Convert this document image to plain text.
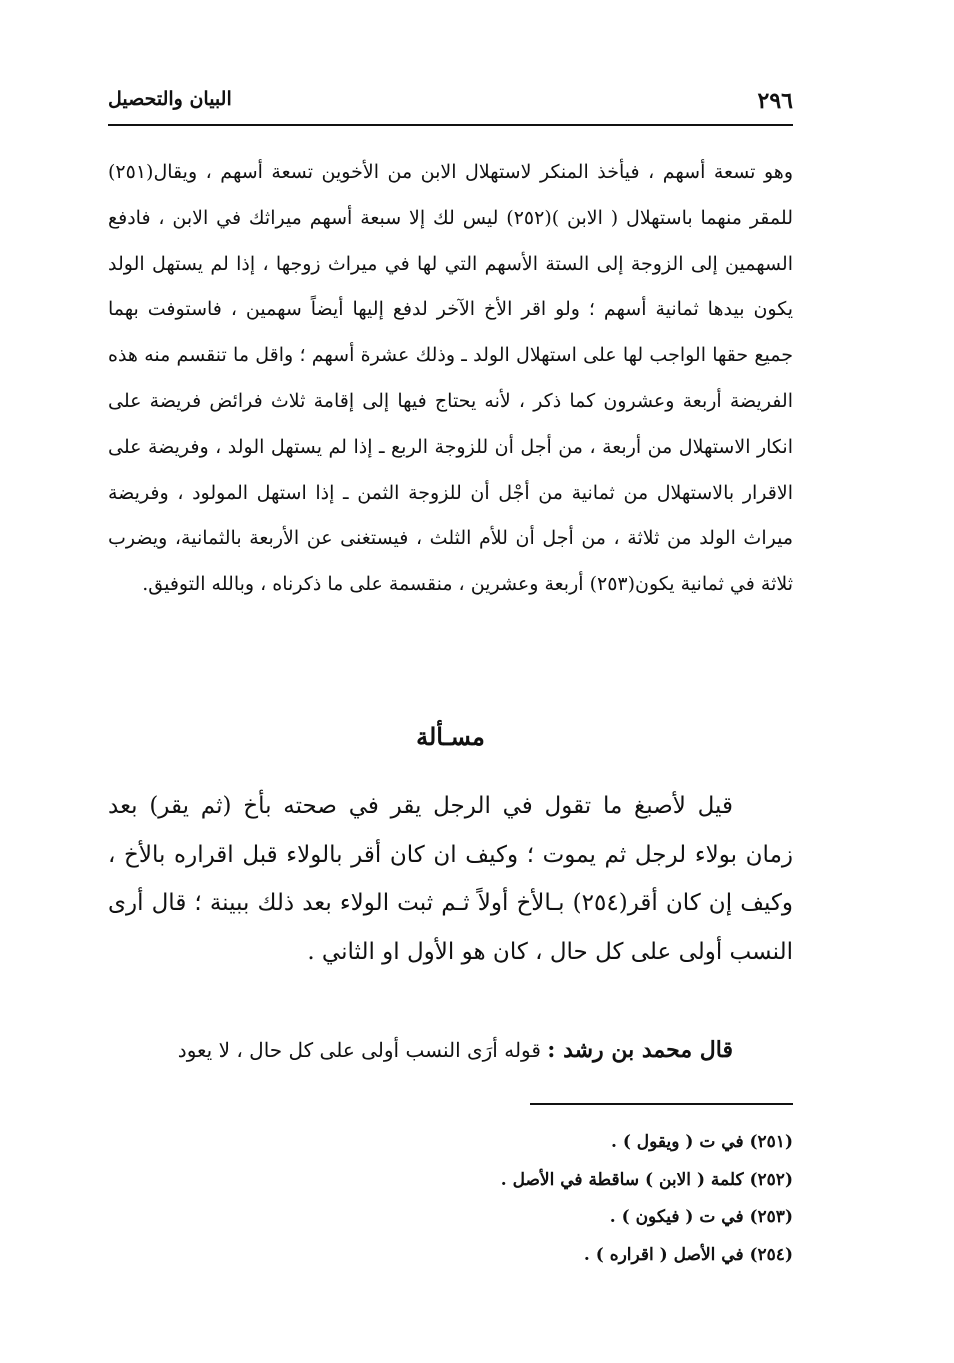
٢٩٦
البيان والتحصيل

وهو تسعة أسهم ، فيأخذ المنكر لاستهلال الابن من الأخوين تسعة أسهم ، ويقال(٢٥١) للمقر منهما باستهلال ( الابن )(٢٥٢) ليس لك إلا سبعة أسهم ميراثك في الابن ، فادفع السهمين إلى الزوجة إلى الستة الأسهم التي لها في ميراث زوجها ، إذا لم يستهل الولد يكون بيدها ثمانية أسهم ؛ ولو اقر الأخ الآخر لدفع إليها أيضاً سهمين ، فاستوفت بهما جميع حقها الواجب لها على استهلال الولد ـ وذلك عشرة أسهم ؛ واقل ما تنقسم منه هذه الفريضة أربعة وعشرون كما ذكر ، لأنه يحتاج فيها إلى إقامة ثلاث فرائض فريضة على انكار الاستهلال من أربعة ، من أجل أن للزوجة الربع ـ إذا لم يستهل الولد ، وفريضة على الاقرار بالاستهلال من ثمانية من أجْل أن للزوجة الثمن ـ إذا استهل المولود ، وفريضة ميراث الولد من ثلاثة ، من أجل أن للأم الثلث ، فيستغنى عن الأربعة بالثمانية، ويضرب ثلاثة في ثمانية يكون(٢٥٣) أربعة وعشرين ، منقسمة على ما ذكرناه ، وبالله التوفيق.

مسـألة

قيل لأصبغ ما تقول في الرجل يقر في صحته بأخ (ثم يقر) بعد زمان بولاء لرجل ثم يموت ؛ وكيف ان كان أقر بالولاء قبل اقراره بالأخ ، وكيف إن كان أقر(٢٥٤) بـالأخ أولاً ثـم ثبت الولاء بعد ذلك ببينة ؛ قال أرى النسب أولى على كل حال ، كان هو الأول او الثاني .

قال محمد بن رشد : قوله أرَى النسب أولى على كل حال ، لا يعود

(٢٥١) في ت ( ويقول ) .
(٢٥٢) كلمة ( الابن ) ساقطة في الأصل .
(٢٥٣) في ت ( فيكون ) .
(٢٥٤) في الأصل ( اقراره ) .
